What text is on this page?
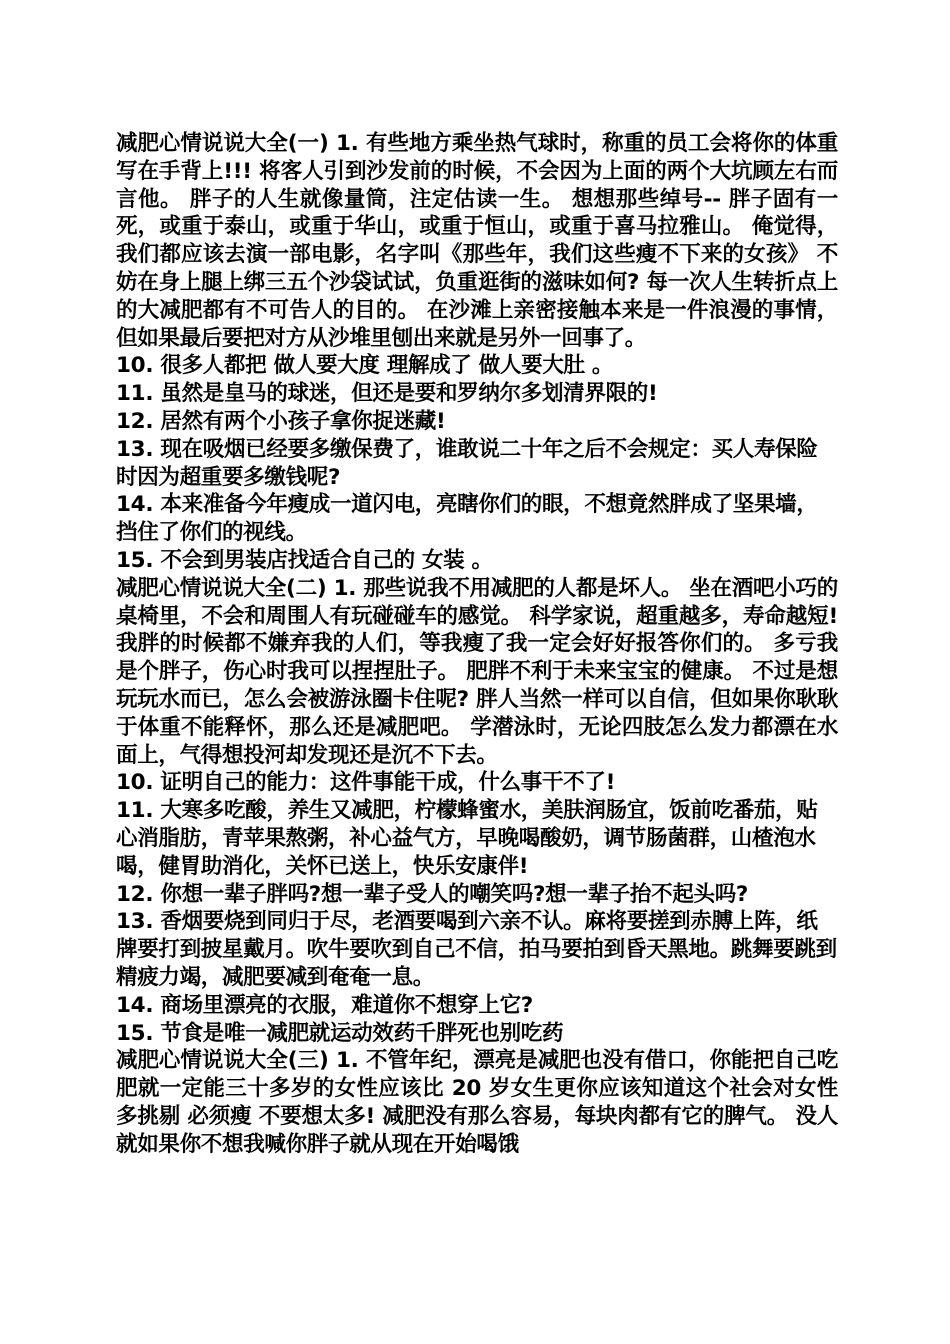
减肥心情说说大全(一) 1. 有些地方乘坐热气球时，称重的员工会将你的体重写在手背上!!! 将客人引到沙发前的时候，不会因为上面的两个大坑顾左右而言他。 胖子的人生就像量筒，注定估读一生。 想想那些绰号-- 胖子固有一死，或重于泰山，或重于华山，或重于恒山，或重于喜马拉雅山。 俺觉得，我们都应该去演一部电影，名字叫《那些年，我们这些瘦不下来的女孩》 不妨在身上腿上绑三五个沙袋试试，负重逛街的滋味如何? 每一次人生转折点上的大减肥都有不可告人的目的。 在沙滩上亲密接触本来是一件浪漫的事情，但如果最后要把对方从沙堆里刨出来就是另外一回事了。

10. 很多人都把 做人要大度 理解成了 做人要大肚 。

11. 虽然是皇马的球迷，但还是要和罗纳尔多划清界限的!

12. 居然有两个小孩子拿你捉迷藏!

13. 现在吸烟已经要多缴保费了，谁敢说二十年之后不会规定：买人寿保险时因为超重要多缴钱呢?

14. 本来准备今年瘦成一道闪电，亮瞎你们的眼，不想竟然胖成了坚果墙，挡住了你们的视线。

15. 不会到男装店找适合自己的 女装 。

减肥心情说说大全(二) 1. 那些说我不用减肥的人都是坏人。 坐在酒吧小巧的桌椅里，不会和周围人有玩碰碰车的感觉。 科学家说，超重越多，寿命越短! 我胖的时候都不嫌弃我的人们，等我瘦了我一定会好好报答你们的。 多亏我是个胖子，伤心时我可以捏捏肚子。 肥胖不利于未来宝宝的健康。 不过是想玩玩水而已，怎么会被游泳圈卡住呢? 胖人当然一样可以自信，但如果你耿耿于体重不能释怀，那么还是减肥吧。 学潜泳时，无论四肢怎么发力都漂在水面上，气得想投河却发现还是沉不下去。

10. 证明自己的能力：这件事能干成，什么事干不了!

11. 大寒多吃酸，养生又减肥，柠檬蜂蜜水，美肤润肠宜，饭前吃番茄，贴心消脂肪，青苹果熬粥，补心益气方，早晚喝酸奶，调节肠菌群，山楂泡水喝，健胃助消化，关怀已送上，快乐安康伴!

12. 你想一辈子胖吗?想一辈子受人的嘲笑吗?想一辈子抬不起头吗?

13. 香烟要烧到同归于尽，老酒要喝到六亲不认。麻将要搓到赤膊上阵，纸牌要打到披星戴月。吹牛要吹到自己不信，拍马要拍到昏天黑地。跳舞要跳到精疲力竭，减肥要减到奄奄一息。

14. 商场里漂亮的衣服，难道你不想穿上它?

15. 节食是唯一减肥就运动效药千胖死也别吃药

减肥心情说说大全(三) 1. 不管年纪，漂亮是减肥也没有借口，你能把自己吃肥就一定能三十多岁的女性应该比 20 岁女生更你应该知道这个社会对女性多挑剔 必须瘦 不要想太多! 减肥没有那么容易，每块肉都有它的脾气。 没人就如果你不想我喊你胖子就从现在开始喝饿
